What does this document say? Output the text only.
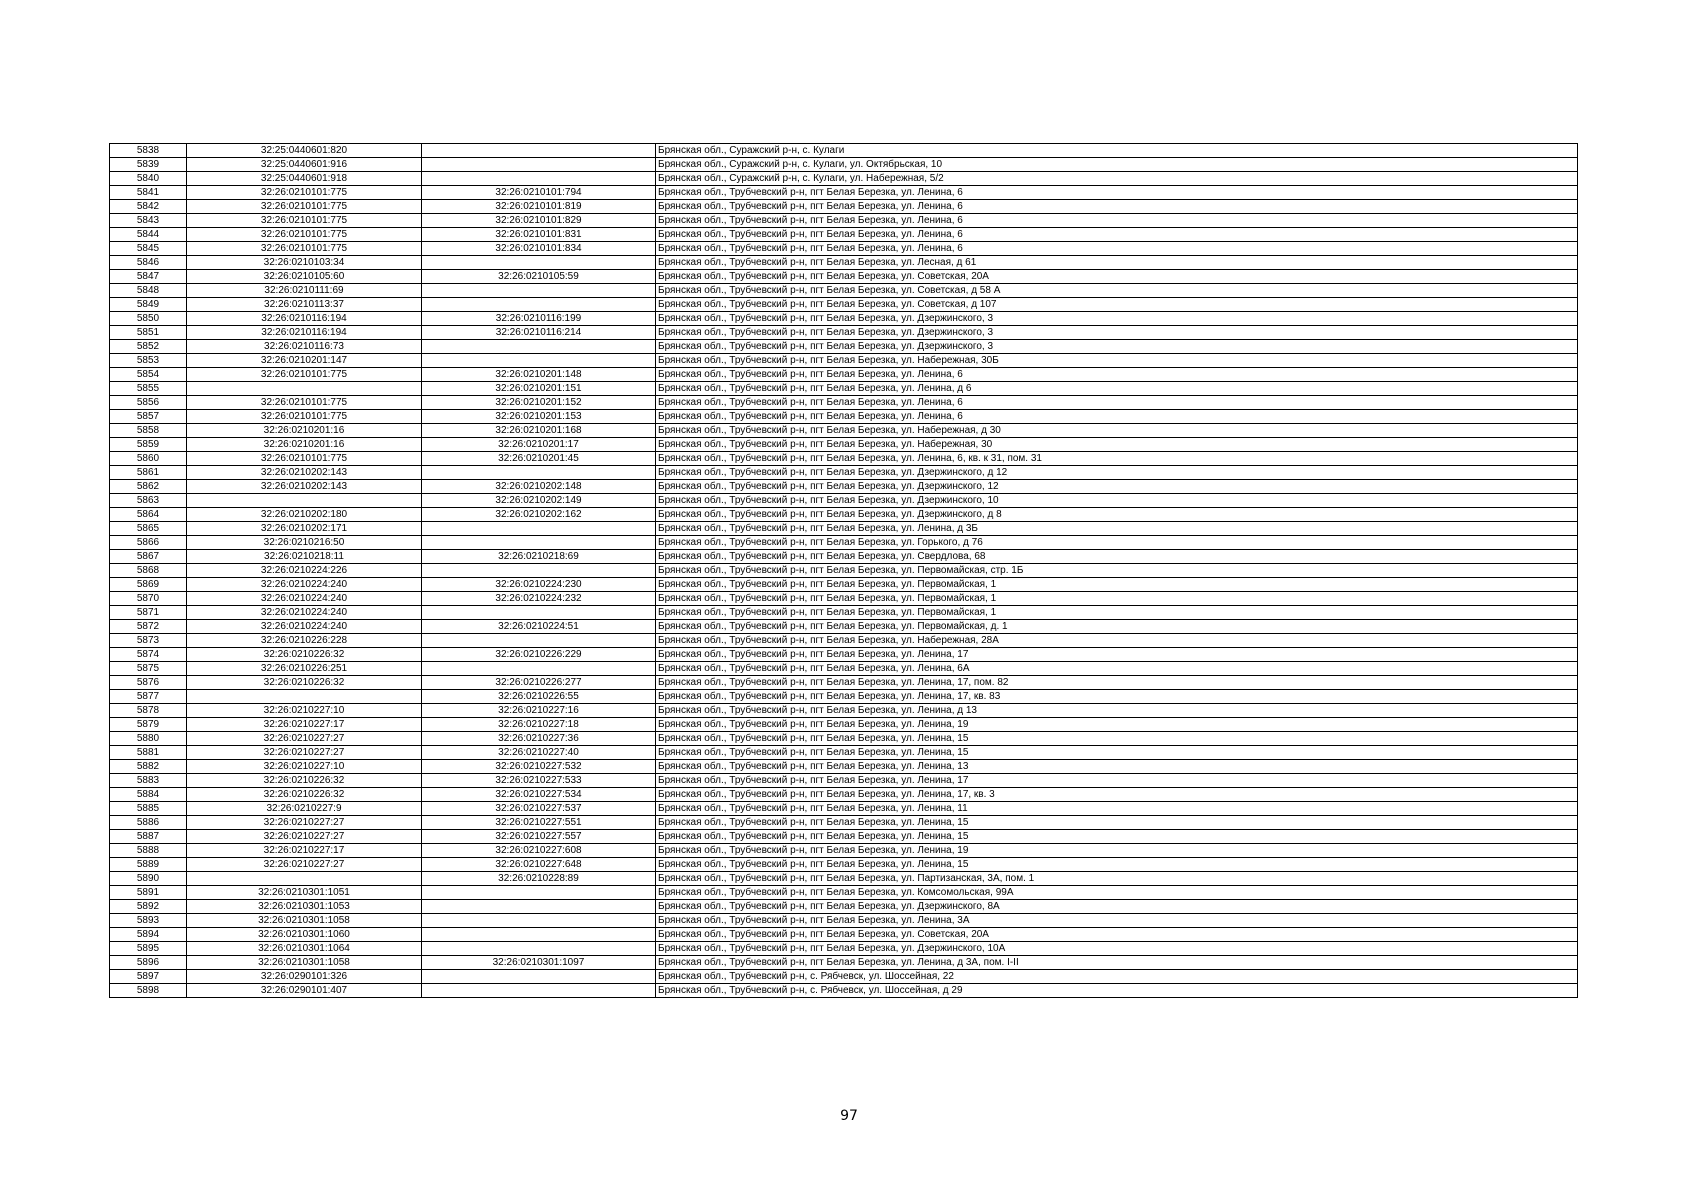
5838	32:25:0440601:820		Брянская обл., Суражский р-н, с. Кулаги
5839	32:25:0440601:916		Брянская обл., Суражский р-н, с. Кулаги, ул. Октябрьская, 10
5840	32:25:0440601:918		Брянская обл., Суражский р-н, с. Кулаги, ул. Набережная, 5/2
5841	32:26:0210101:775	32:26:0210101:794	Брянская обл., Трубчевский р-н, пгт Белая Березка, ул. Ленина, 6
5842	32:26:0210101:775	32:26:0210101:819	Брянская обл., Трубчевский р-н, пгт Белая Березка, ул. Ленина, 6
5843	32:26:0210101:775	32:26:0210101:829	Брянская обл., Трубчевский р-н, пгт Белая Березка, ул. Ленина, 6
5844	32:26:0210101:775	32:26:0210101:831	Брянская обл., Трубчевский р-н, пгт Белая Березка, ул. Ленина, 6
5845	32:26:0210101:775	32:26:0210101:834	Брянская обл., Трубчевский р-н, пгт Белая Березка, ул. Ленина, 6
5846	32:26:0210103:34		Брянская обл., Трубчевский р-н, пгт Белая Березка, ул. Лесная, д 61
5847	32:26:0210105:60	32:26:0210105:59	Брянская обл., Трубчевский р-н, пгт Белая Березка, ул. Советская, 20А
5848	32:26:0210111:69		Брянская обл., Трубчевский р-н, пгт Белая Березка, ул. Советская, д 58 А
5849	32:26:0210113:37		Брянская обл., Трубчевский р-н, пгт Белая Березка, ул. Советская, д 107
5850	32:26:0210116:194	32:26:0210116:199	Брянская обл., Трубчевский р-н, пгт Белая Березка, ул. Дзержинского, 3
5851	32:26:0210116:194	32:26:0210116:214	Брянская обл., Трубчевский р-н, пгт Белая Березка, ул. Дзержинского, 3
5852	32:26:0210116:73		Брянская обл., Трубчевский р-н, пгт Белая Березка, ул. Дзержинского, 3
5853	32:26:0210201:147		Брянская обл., Трубчевский р-н, пгт Белая Березка, ул. Набережная, 30Б
5854	32:26:0210101:775	32:26:0210201:148	Брянская обл., Трубчевский р-н, пгт Белая Березка, ул. Ленина, 6
5855		32:26:0210201:151	Брянская обл., Трубчевский р-н, пгт Белая Березка, ул. Ленина, д 6
5856	32:26:0210101:775	32:26:0210201:152	Брянская обл., Трубчевский р-н, пгт Белая Березка, ул. Ленина, 6
5857	32:26:0210101:775	32:26:0210201:153	Брянская обл., Трубчевский р-н, пгт Белая Березка, ул. Ленина, 6
5858	32:26:0210201:16	32:26:0210201:168	Брянская обл., Трубчевский р-н, пгт Белая Березка, ул. Набережная, д 30
5859	32:26:0210201:16	32:26:0210201:17	Брянская обл., Трубчевский р-н, пгт Белая Березка, ул. Набережная, 30
5860	32:26:0210101:775	32:26:0210201:45	Брянская обл., Трубчевский р-н, пгт Белая Березка, ул. Ленина, 6, кв. к 31, пом. 31
5861	32:26:0210202:143		Брянская обл., Трубчевский р-н, пгт Белая Березка, ул. Дзержинского, д 12
5862	32:26:0210202:143	32:26:0210202:148	Брянская обл., Трубчевский р-н, пгт Белая Березка, ул. Дзержинского, 12
5863		32:26:0210202:149	Брянская обл., Трубчевский р-н, пгт Белая Березка, ул. Дзержинского, 10
5864	32:26:0210202:180	32:26:0210202:162	Брянская обл., Трубчевский р-н, пгт Белая Березка, ул. Дзержинского, д 8
5865	32:26:0210202:171		Брянская обл., Трубчевский р-н, пгт Белая Березка, ул. Ленина, д 3Б
5866	32:26:0210216:50		Брянская обл., Трубчевский р-н, пгт Белая Березка, ул. Горького, д 76
5867	32:26:0210218:11	32:26:0210218:69	Брянская обл., Трубчевский р-н, пгт Белая Березка, ул. Свердлова, 68
5868	32:26:0210224:226		Брянская обл., Трубчевский р-н, пгт Белая Березка, ул. Первомайская, стр. 1Б
5869	32:26:0210224:240	32:26:0210224:230	Брянская обл., Трубчевский р-н, пгт Белая Березка, ул. Первомайская, 1
5870	32:26:0210224:240	32:26:0210224:232	Брянская обл., Трубчевский р-н, пгт Белая Березка, ул. Первомайская, 1
5871	32:26:0210224:240		Брянская обл., Трубчевский р-н, пгт Белая Березка, ул. Первомайская, 1
5872	32:26:0210224:240	32:26:0210224:51	Брянская обл., Трубчевский р-н, пгт Белая Березка, ул. Первомайская, д. 1
5873	32:26:0210226:228		Брянская обл., Трубчевский р-н, пгт Белая Березка, ул. Набережная, 28А
5874	32:26:0210226:32	32:26:0210226:229	Брянская обл., Трубчевский р-н, пгт Белая Березка, ул. Ленина, 17
5875	32:26:0210226:251		Брянская обл., Трубчевский р-н, пгт Белая Березка, ул. Ленина, 6А
5876	32:26:0210226:32	32:26:0210226:277	Брянская обл., Трубчевский р-н, пгт Белая Березка, ул. Ленина, 17, пом. 82
5877		32:26:0210226:55	Брянская обл., Трубчевский р-н, пгт Белая Березка, ул. Ленина, 17, кв. 83
5878	32:26:0210227:10	32:26:0210227:16	Брянская обл., Трубчевский р-н, пгт Белая Березка, ул. Ленина, д 13
5879	32:26:0210227:17	32:26:0210227:18	Брянская обл., Трубчевский р-н, пгт Белая Березка, ул. Ленина, 19
5880	32:26:0210227:27	32:26:0210227:36	Брянская обл., Трубчевский р-н, пгт Белая Березка, ул. Ленина, 15
5881	32:26:0210227:27	32:26:0210227:40	Брянская обл., Трубчевский р-н, пгт Белая Березка, ул. Ленина, 15
5882	32:26:0210227:10	32:26:0210227:532	Брянская обл., Трубчевский р-н, пгт Белая Березка, ул. Ленина, 13
5883	32:26:0210226:32	32:26:0210227:533	Брянская обл., Трубчевский р-н, пгт Белая Березка, ул. Ленина, 17
5884	32:26:0210226:32	32:26:0210227:534	Брянская обл., Трубчевский р-н, пгт Белая Березка, ул. Ленина, 17, кв. 3
5885	32:26:0210227:9	32:26:0210227:537	Брянская обл., Трубчевский р-н, пгт Белая Березка, ул. Ленина, 11
5886	32:26:0210227:27	32:26:0210227:551	Брянская обл., Трубчевский р-н, пгт Белая Березка, ул. Ленина, 15
5887	32:26:0210227:27	32:26:0210227:557	Брянская обл., Трубчевский р-н, пгт Белая Березка, ул. Ленина, 15
5888	32:26:0210227:17	32:26:0210227:608	Брянская обл., Трубчевский р-н, пгт Белая Березка, ул. Ленина, 19
5889	32:26:0210227:27	32:26:0210227:648	Брянская обл., Трубчевский р-н, пгт Белая Березка, ул. Ленина, 15
5890		32:26:0210228:89	Брянская обл., Трубчевский р-н, пгт Белая Березка, ул. Партизанская, 3А, пом. 1
5891	32:26:0210301:1051		Брянская обл., Трубчевский р-н, пгт Белая Березка, ул. Комсомольская, 99А
5892	32:26:0210301:1053		Брянская обл., Трубчевский р-н, пгт Белая Березка, ул. Дзержинского, 8А
5893	32:26:0210301:1058		Брянская обл., Трубчевский р-н, пгт Белая Березка, ул. Ленина, 3А
5894	32:26:0210301:1060		Брянская обл., Трубчевский р-н, пгт Белая Березка, ул. Советская, 20А
5895	32:26:0210301:1064		Брянская обл., Трубчевский р-н, пгт Белая Березка, ул. Дзержинского, 10А
5896	32:26:0210301:1058	32:26:0210301:1097	Брянская обл., Трубчевский р-н, пгт Белая Березка, ул. Ленина, д 3А, пом. I-II
5897	32:26:0290101:326		Брянская обл., Трубчевский р-н, с. Рябчевск, ул. Шоссейная, 22
5898	32:26:0290101:407		Брянская обл., Трубчевский р-н, с. Рябчевск, ул. Шоссейная, д 29
97
